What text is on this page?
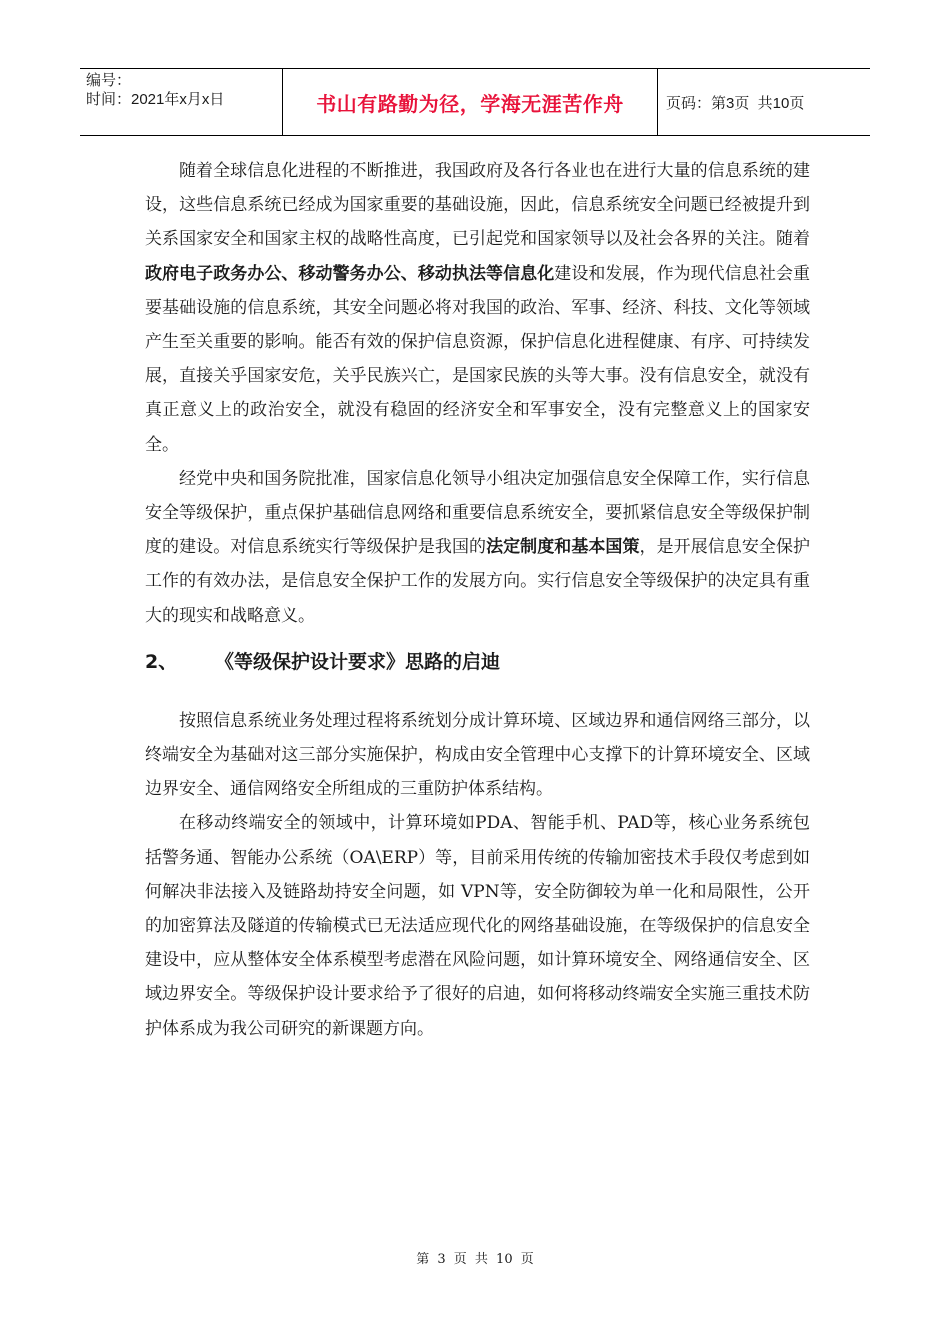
编号：
时间：2021年x月x日	书山有路勤为径，学海无涯苦作舟	页码：第3页  共10页

随着全球信息化进程的不断推进，我国政府及各行各业也在进行大量的信息系统的建设，这些信息系统已经成为国家重要的基础设施，因此，信息系统安全问题已经被提升到关系国家安全和国家主权的战略性高度，已引起党和国家领导以及社会各界的关注。随着政府电子政务办公、移动警务办公、移动执法等信息化建设和发展，作为现代信息社会重要基础设施的信息系统，其安全问题必将对我国的政治、军事、经济、科技、文化等领域产生至关重要的影响。能否有效的保护信息资源，保护信息化进程健康、有序、可持续发展，直接关乎国家安危，关乎民族兴亡，是国家民族的头等大事。没有信息安全，就没有真正意义上的政治安全，就没有稳固的经济安全和军事安全，没有完整意义上的国家安全。

经党中央和国务院批准，国家信息化领导小组决定加强信息安全保障工作，实行信息安全等级保护，重点保护基础信息网络和重要信息系统安全，要抓紧信息安全等级保护制度的建设。对信息系统实行等级保护是我国的法定制度和基本国策，是开展信息安全保护工作的有效办法，是信息安全保护工作的发展方向。实行信息安全等级保护的决定具有重大的现实和战略意义。

2、	《等级保护设计要求》思路的启迪

按照信息系统业务处理过程将系统划分成计算环境、区域边界和通信网络三部分，以终端安全为基础对这三部分实施保护，构成由安全管理中心支撑下的计算环境安全、区域边界安全、通信网络安全所组成的三重防护体系结构。

在移动终端安全的领域中，计算环境如PDA、智能手机、PAD等，核心业务系统包括警务通、智能办公系统（OA\ERP）等，目前采用传统的传输加密技术手段仅考虑到如何解决非法接入及链路劫持安全问题，如 VPN等，安全防御较为单一化和局限性，公开的加密算法及隧道的传输模式已无法适应现代化的网络基础设施，在等级保护的信息安全建设中，应从整体安全体系模型考虑潜在风险问题，如计算环境安全、网络通信安全、区域边界安全。等级保护设计要求给予了很好的启迪，如何将移动终端安全实施三重技术防护体系成为我公司研究的新课题方向。

第 3 页 共 10 页
